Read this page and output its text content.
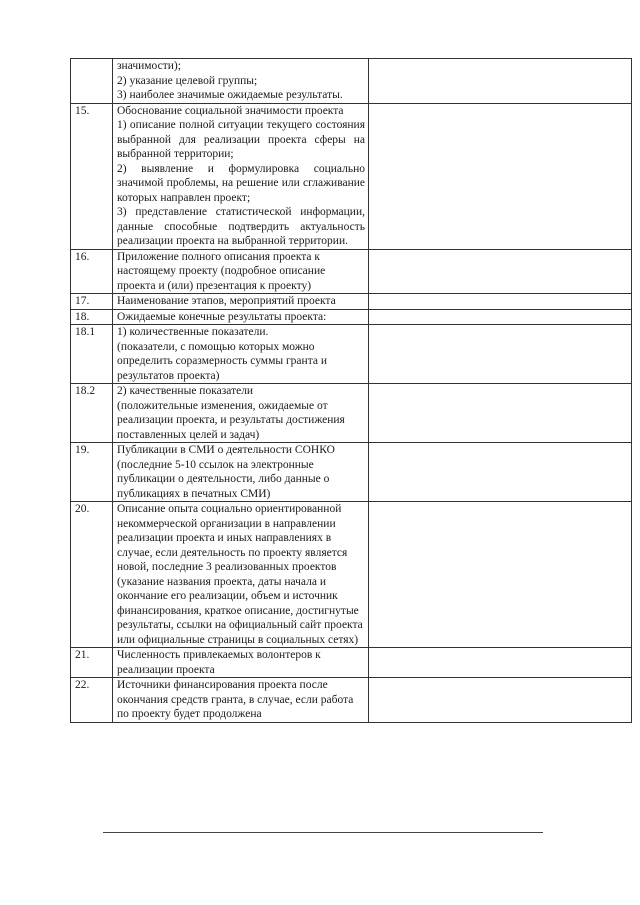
	значимости);
2) указание целевой группы;
3) наиболее значимые ожидаемые результаты.	

15.	Обоснование социальной значимости проекта
1) описание полной ситуации текущего состояния выбранной для реализации проекта сферы на выбранной территории;
2) выявление и формулировка социально значимой проблемы, на решение или сглаживание которых направлен проект;
3) представление статистической информации, данные способные подтвердить актуальность реализации проекта на выбранной территории.	

16.	Приложение полного описания проекта к настоящему проекту (подробное описание проекта и (или) презентация к проекту)	

17.	Наименование этапов, мероприятий проекта	

18.	Ожидаемые конечные результаты проекта:	

18.1	1) количественные показатели.
(показатели, с помощью которых можно определить соразмерность суммы гранта и результатов проекта)	

18.2	2) качественные показатели
(положительные изменения, ожидаемые от реализации проекта, и результаты достижения поставленных целей и задач)	

19.	Публикации в СМИ о деятельности СОНКО (последние 5-10 ссылок на электронные публикации о деятельности, либо данные о публикациях в печатных СМИ)	

20.	Описание опыта социально ориентированной некоммерческой организации в направлении реализации проекта и иных направлениях в случае, если деятельность по проекту является новой, последние 3 реализованных проектов (указание названия проекта, даты начала и окончание его реализации, объем и источник финансирования, краткое описание, достигнутые результаты, ссылки на официальный сайт проекта или официальные страницы в социальных сетях)	

21.	Численность привлекаемых волонтеров к реализации проекта	

22.	Источники финансирования проекта после окончания средств гранта, в случае, если работа по проекту будет продолжена	
